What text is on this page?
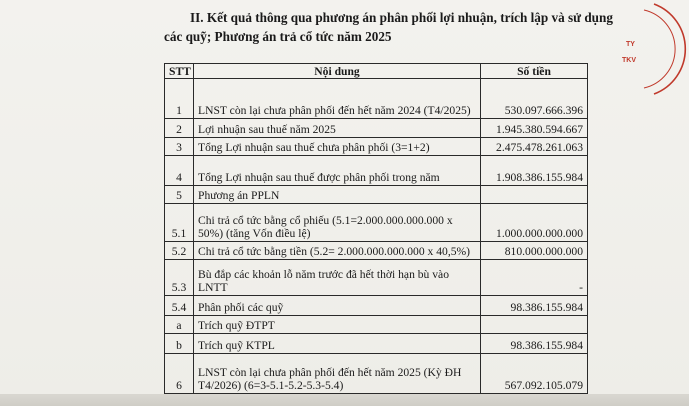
II. Kết quả thông qua phương án phân phối lợi nhuận, trích lập và sử dụng
các quỹ; Phương án trả cổ tức năm 2025
TY
TKV
STT	Nội dung	Số tiền
1	LNST còn lại chưa phân phối đến hết năm 2024 (T4/2025)	530.097.666.396
2	Lợi nhuận sau thuế năm 2025	1.945.380.594.667
3	Tổng Lợi nhuận sau thuế chưa phân phối (3=1+2)	2.475.478.261.063
4	Tổng Lợi nhuận sau thuế được phân phối trong năm	1.908.386.155.984
5	Phương án PPLN	
5.1	Chi trả cổ tức bằng cổ phiếu (5.1=2.000.000.000.000 x 50%) (tăng Vốn điều lệ)	1.000.000.000.000
5.2	Chi trả cổ tức bằng tiền (5.2= 2.000.000.000.000 x 40,5%)	810.000.000.000
5.3	Bù đắp các khoản lỗ năm trước đã hết thời hạn bù vào LNTT	-
5.4	Phân phối các quỹ	98.386.155.984
a	Trích quỹ ĐTPT	
b	Trích quỹ KTPL	98.386.155.984
6	LNST còn lại chưa phân phối đến hết năm 2025 (Kỳ ĐH T4/2026) (6=3-5.1-5.2-5.3-5.4)	567.092.105.079
